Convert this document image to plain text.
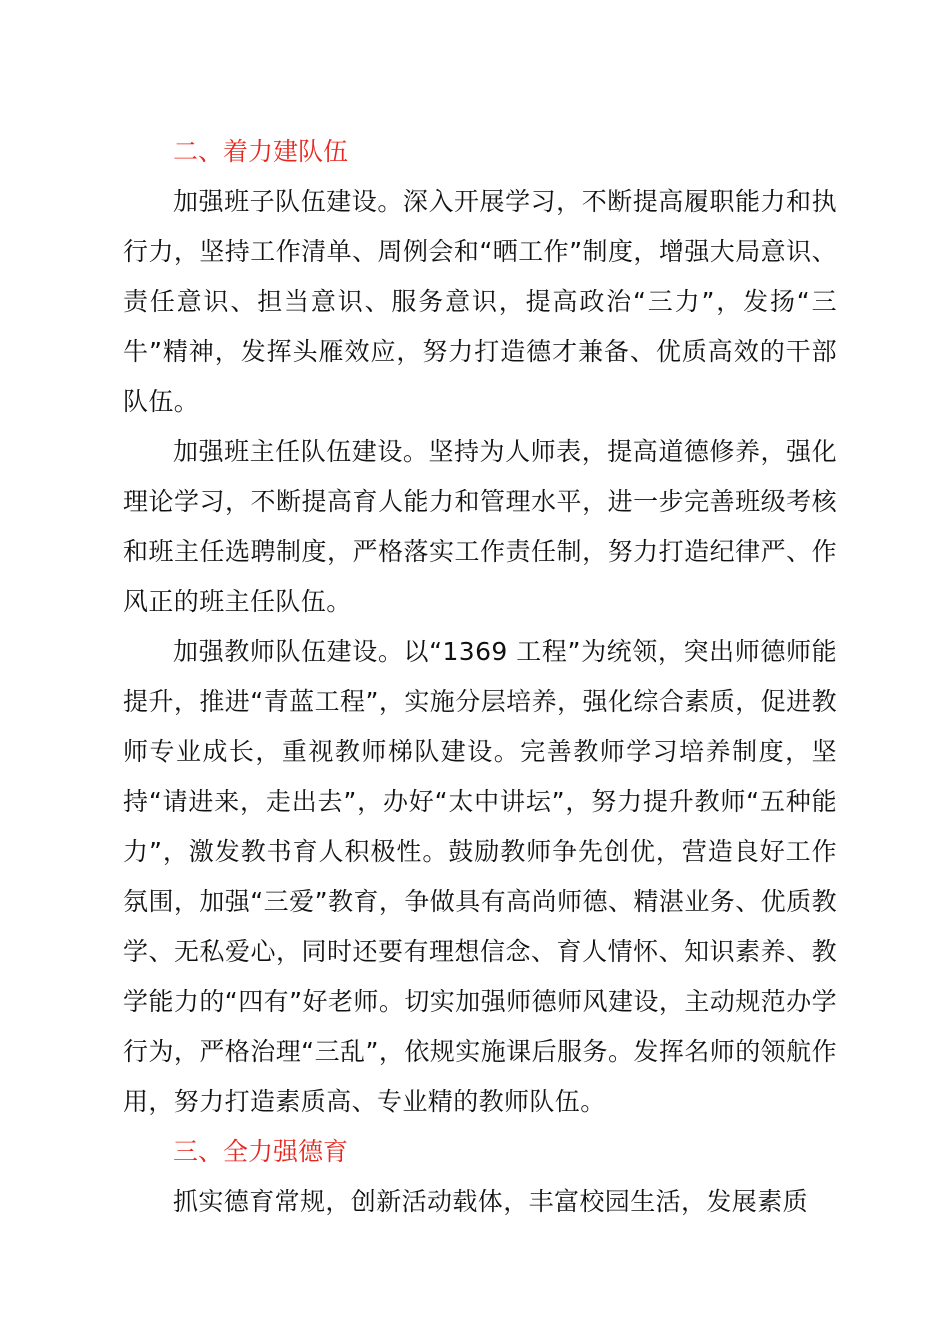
二、着力建队伍

加强班子队伍建设。深入开展学习，不断提高履职能力和执行力，坚持工作清单、周例会和“晒工作”制度，增强大局意识、责任意识、担当意识、服务意识，提高政治“三力”，发扬“三牛”精神，发挥头雁效应，努力打造德才兼备、优质高效的干部队伍。

加强班主任队伍建设。坚持为人师表，提高道德修养，强化理论学习，不断提高育人能力和管理水平，进一步完善班级考核和班主任选聘制度，严格落实工作责任制，努力打造纪律严、作风正的班主任队伍。

加强教师队伍建设。以“1369 工程”为统领，突出师德师能提升，推进“青蓝工程”，实施分层培养，强化综合素质，促进教师专业成长，重视教师梯队建设。完善教师学习培养制度，坚持“请进来，走出去”，办好“太中讲坛”，努力提升教师“五种能力”，激发教书育人积极性。鼓励教师争先创优，营造良好工作氛围，加强“三爱”教育，争做具有高尚师德、精湛业务、优质教学、无私爱心，同时还要有理想信念、育人情怀、知识素养、教学能力的“四有”好老师。切实加强师德师风建设，主动规范办学行为，严格治理“三乱”，依规实施课后服务。发挥名师的领航作用，努力打造素质高、专业精的教师队伍。

三、全力强德育

抓实德育常规，创新活动载体，丰富校园生活，发展素质
